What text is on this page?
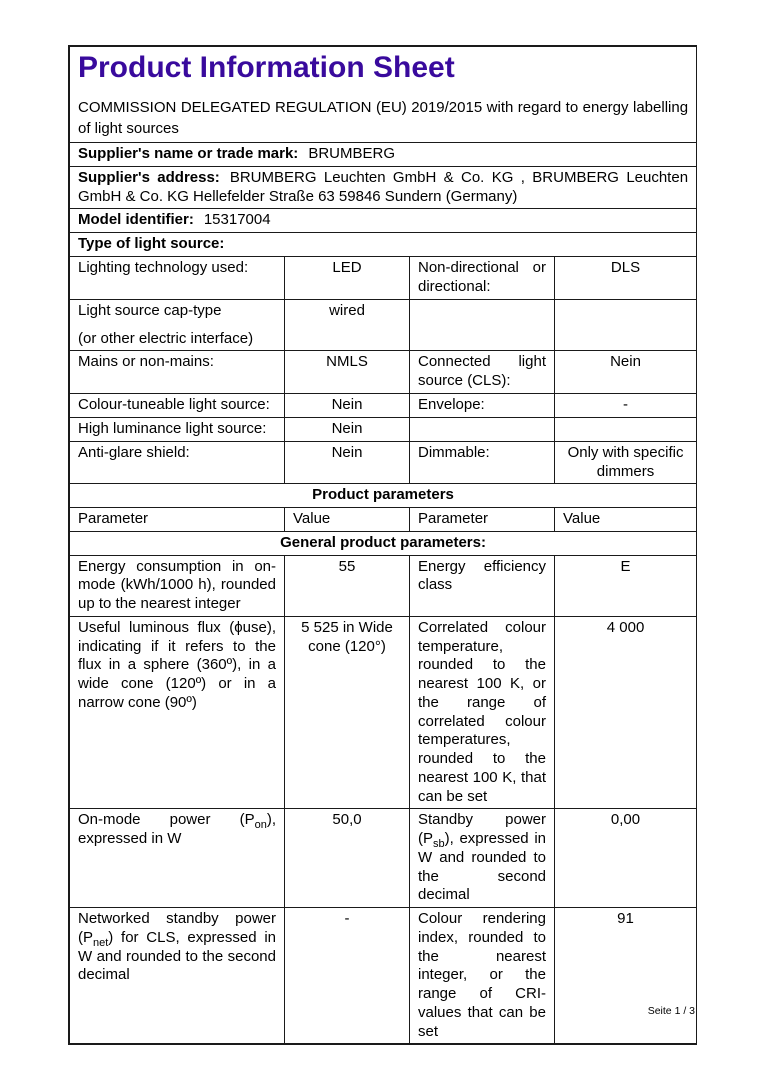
Product Information Sheet
COMMISSION DELEGATED REGULATION (EU) 2019/2015 with regard to energy labelling of light sources			

Supplier's name or trade mark: BRUMBERG			
Supplier's address: BRUMBERG Leuchten GmbH & Co. KG , BRUMBERG Leuchten GmbH & Co. KG Hellefelder Straße 63 59846 Sundern (Germany)			
Model identifier: 15317004			
Type of light source:			
Lighting technology used:	LED	Non-directional or directional:	DLS

Light source cap-type
(or other electric interface)	wired		
Mains or non-mains:	NMLS	Connected light source (CLS):	Nein
Colour-tuneable light source:	Nein	Envelope:	-
High luminance light source:	Nein		
Anti-glare shield:	Nein	Dimmable:	Only with specific dimmers
Product parameters			
Parameter	Value	Parameter	Value
General product parameters:			
Energy consumption in on-mode (kWh/1000 h), rounded up to the nearest integer	55	Energy efficiency class	E
Useful luminous flux (ϕuse), indicating if it refers to the flux in a sphere (360º), in a wide cone (120º) or in a narrow cone (90º)	5 525 in Wide cone (120°)	Correlated colour temperature, rounded to the nearest 100 K, or the range of correlated colour temperatures, rounded to the nearest 100 K, that can be set	4 000
On-mode power $(P_{on})$, expressed in W	50,0	Standby power $(P_{sb})$, expressed in W and rounded to the second decimal	0,00
Networked standby power $(P_{net})$ for CLS, expressed in W and rounded to the second decimal	-	Colour rendering index, rounded to the nearest integer, or the range of CRI-values that can be set	91
Seite 1 / 3
